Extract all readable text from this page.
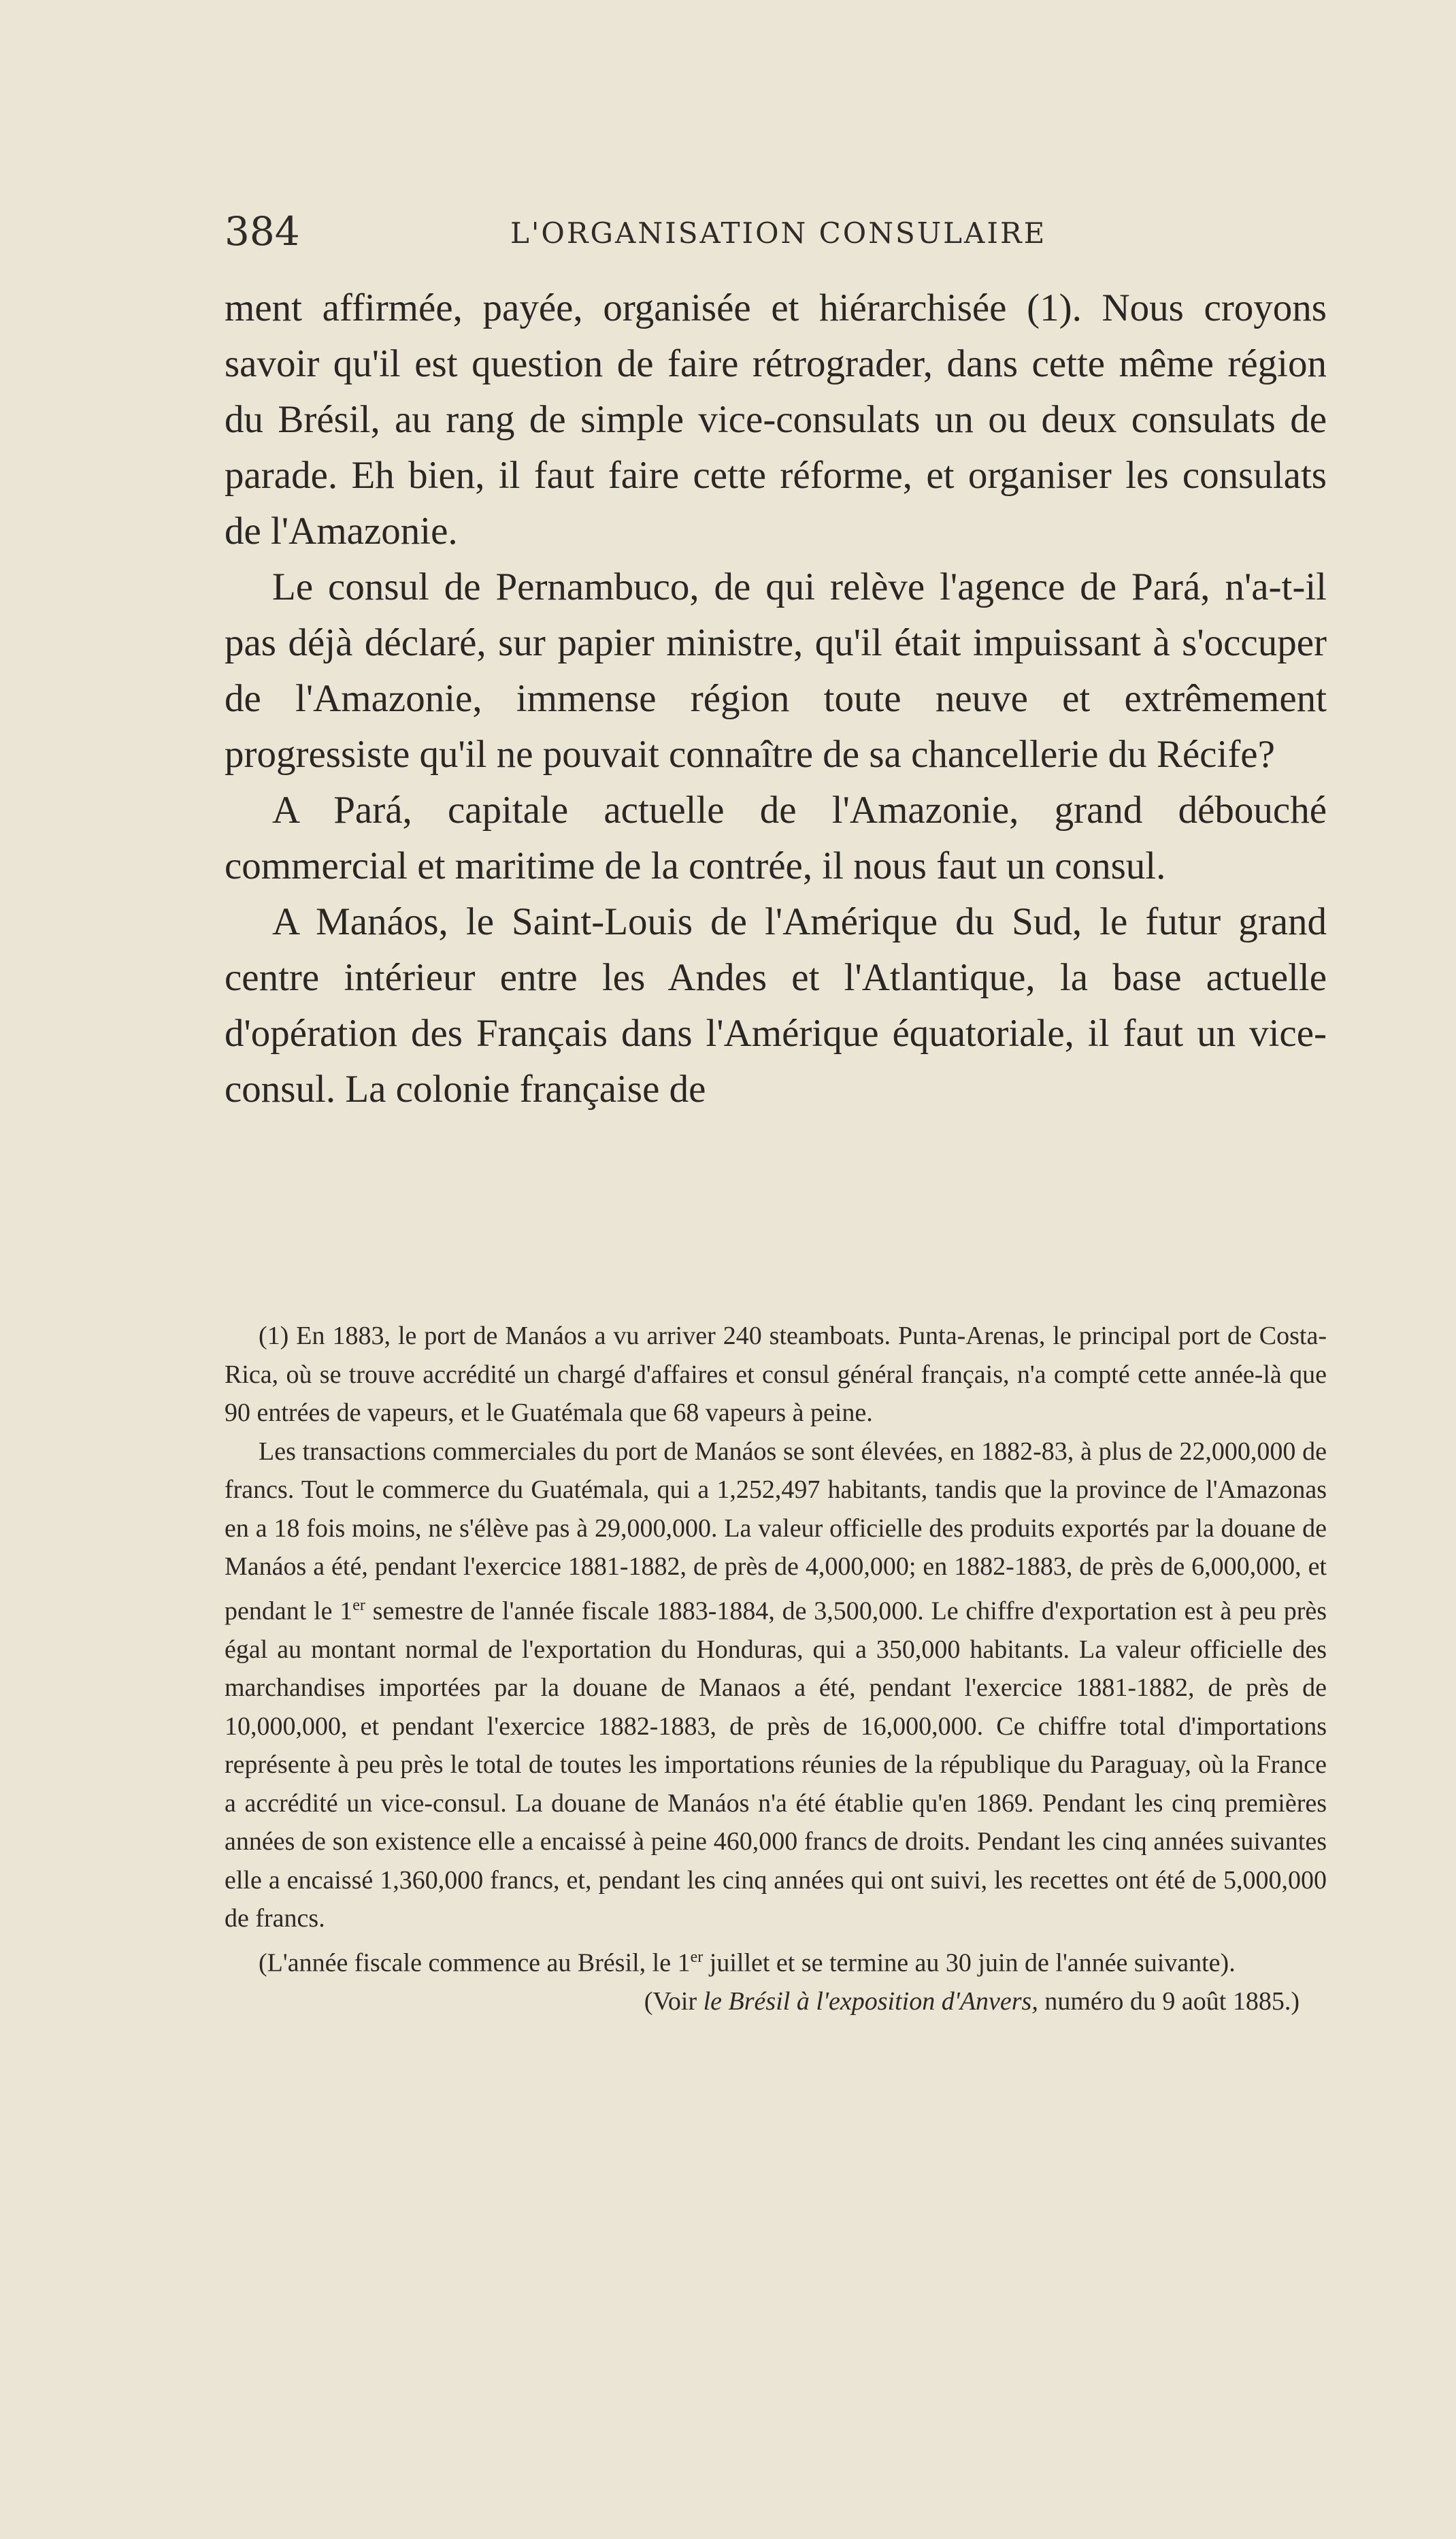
384	L'ORGANISATION CONSULAIRE

ment affirmée, payée, organisée et hiérarchisée (1). Nous croyons savoir qu'il est question de faire rétrograder, dans cette même région du Brésil, au rang de simple vice-consulats un ou deux consulats de parade. Eh bien, il faut faire cette réforme, et organiser les consulats de l'Amazonie.

Le consul de Pernambuco, de qui relève l'agence de Pará, n'a-t-il pas déjà déclaré, sur papier ministre, qu'il était impuissant à s'occuper de l'Amazonie, immense région toute neuve et extrêmement progressiste qu'il ne pouvait connaître de sa chancellerie du Récife?

A Pará, capitale actuelle de l'Amazonie, grand débouché commercial et maritime de la contrée, il nous faut un consul.

A Manáos, le Saint-Louis de l'Amérique du Sud, le futur grand centre intérieur entre les Andes et l'Atlantique, la base actuelle d'opération des Français dans l'Amérique équatoriale, il faut un vice-consul. La colonie française de

(1) En 1883, le port de Manáos a vu arriver 240 steamboats. Punta-Arenas, le principal port de Costa-Rica, où se trouve accrédité un chargé d'affaires et consul général français, n'a compté cette année-là que 90 entrées de vapeurs, et le Guatémala que 68 vapeurs à peine.

Les transactions commerciales du port de Manáos se sont élevées, en 1882-83, à plus de 22,000,000 de francs. Tout le commerce du Guatémala, qui a 1,252,497 habitants, tandis que la province de l'Amazonas en a 18 fois moins, ne s'élève pas à 29,000,000. La valeur officielle des produits exportés par la douane de Manáos a été, pendant l'exercice 1881-1882, de près de 4,000,000; en 1882-1883, de près de 6,000,000, et pendant le 1er semestre de l'année fiscale 1883-1884, de 3,500,000. Le chiffre d'exportation est à peu près égal au montant normal de l'exportation du Honduras, qui a 350,000 habitants. La valeur officielle des marchandises importées par la douane de Manaos a été, pendant l'exercice 1881-1882, de près de 10,000,000, et pendant l'exercice 1882-1883, de près de 16,000,000. Ce chiffre total d'importations représente à peu près le total de toutes les importations réunies de la république du Paraguay, où la France a accrédité un vice-consul. La douane de Manáos n'a été établie qu'en 1869. Pendant les cinq premières années de son existence elle a encaissé à peine 460,000 francs de droits. Pendant les cinq années suivantes elle a encaissé 1,360,000 francs, et, pendant les cinq années qui ont suivi, les recettes ont été de 5,000,000 de francs.

(L'année fiscale commence au Brésil, le 1er juillet et se termine au 30 juin de l'année suivante).

(Voir le Brésil à l'exposition d'Anvers, numéro du 9 août 1885.)
